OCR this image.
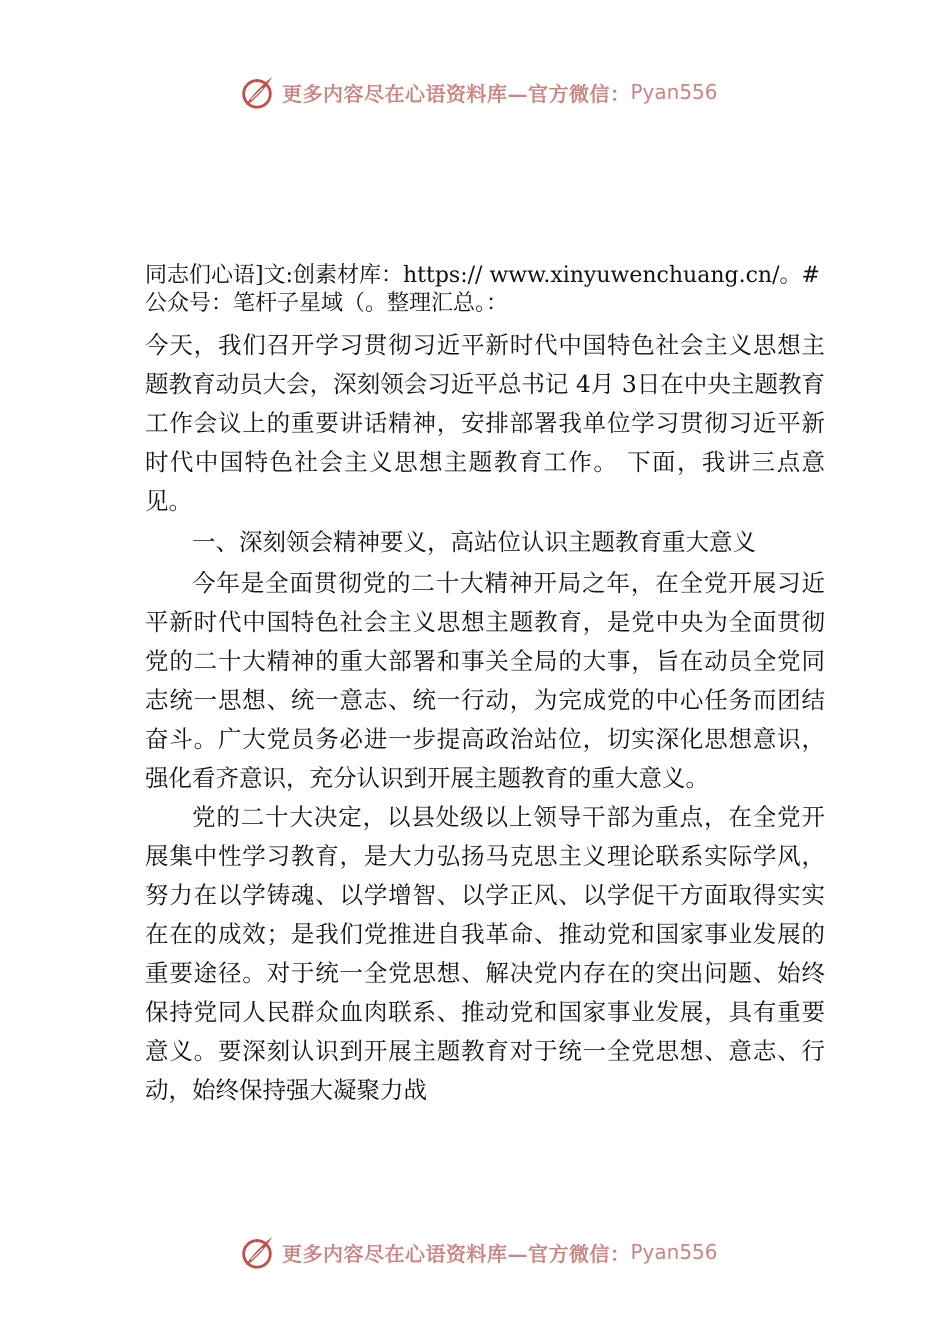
更多内容尽在心语资料库—官方微信： Pyan556

同志们心语]文:创素材库：https:// www.xinyuwenchuang.cn/。#公众号：笔杆子星域（。整理汇总。：

今天，我们召开学习贯彻习近平新时代中国特色社会主义思想主题教育动员大会，深刻领会习近平总书记 4月 3日在中央主题教育工作会议上的重要讲话精神，安排部署我单位学习贯彻习近平新时代中国特色社会主义思想主题教育工作。 下面，我讲三点意见。

一、深刻领会精神要义，高站位认识主题教育重大意义

今年是全面贯彻党的二十大精神开局之年，在全党开展习近平新时代中国特色社会主义思想主题教育，是党中央为全面贯彻党的二十大精神的重大部署和事关全局的大事，旨在动员全党同志统一思想、统一意志、统一行动，为完成党的中心任务而团结奋斗。广大党员务必进一步提高政治站位，切实深化思想意识，强化看齐意识，充分认识到开展主题教育的重大意义。

党的二十大决定，以县处级以上领导干部为重点，在全党开展集中性学习教育，是大力弘扬马克思主义理论联系实际学风，努力在以学铸魂、以学增智、以学正风、以学促干方面取得实实在在的成效；是我们党推进自我革命、推动党和国家事业发展的重要途径。对于统一全党思想、解决党内存在的突出问题、始终保持党同人民群众血肉联系、推动党和国家事业发展，具有重要意义。要深刻认识到开展主题教育对于统一全党思想、意志、行动，始终保持强大凝聚力战

更多内容尽在心语资料库—官方微信： Pyan556
